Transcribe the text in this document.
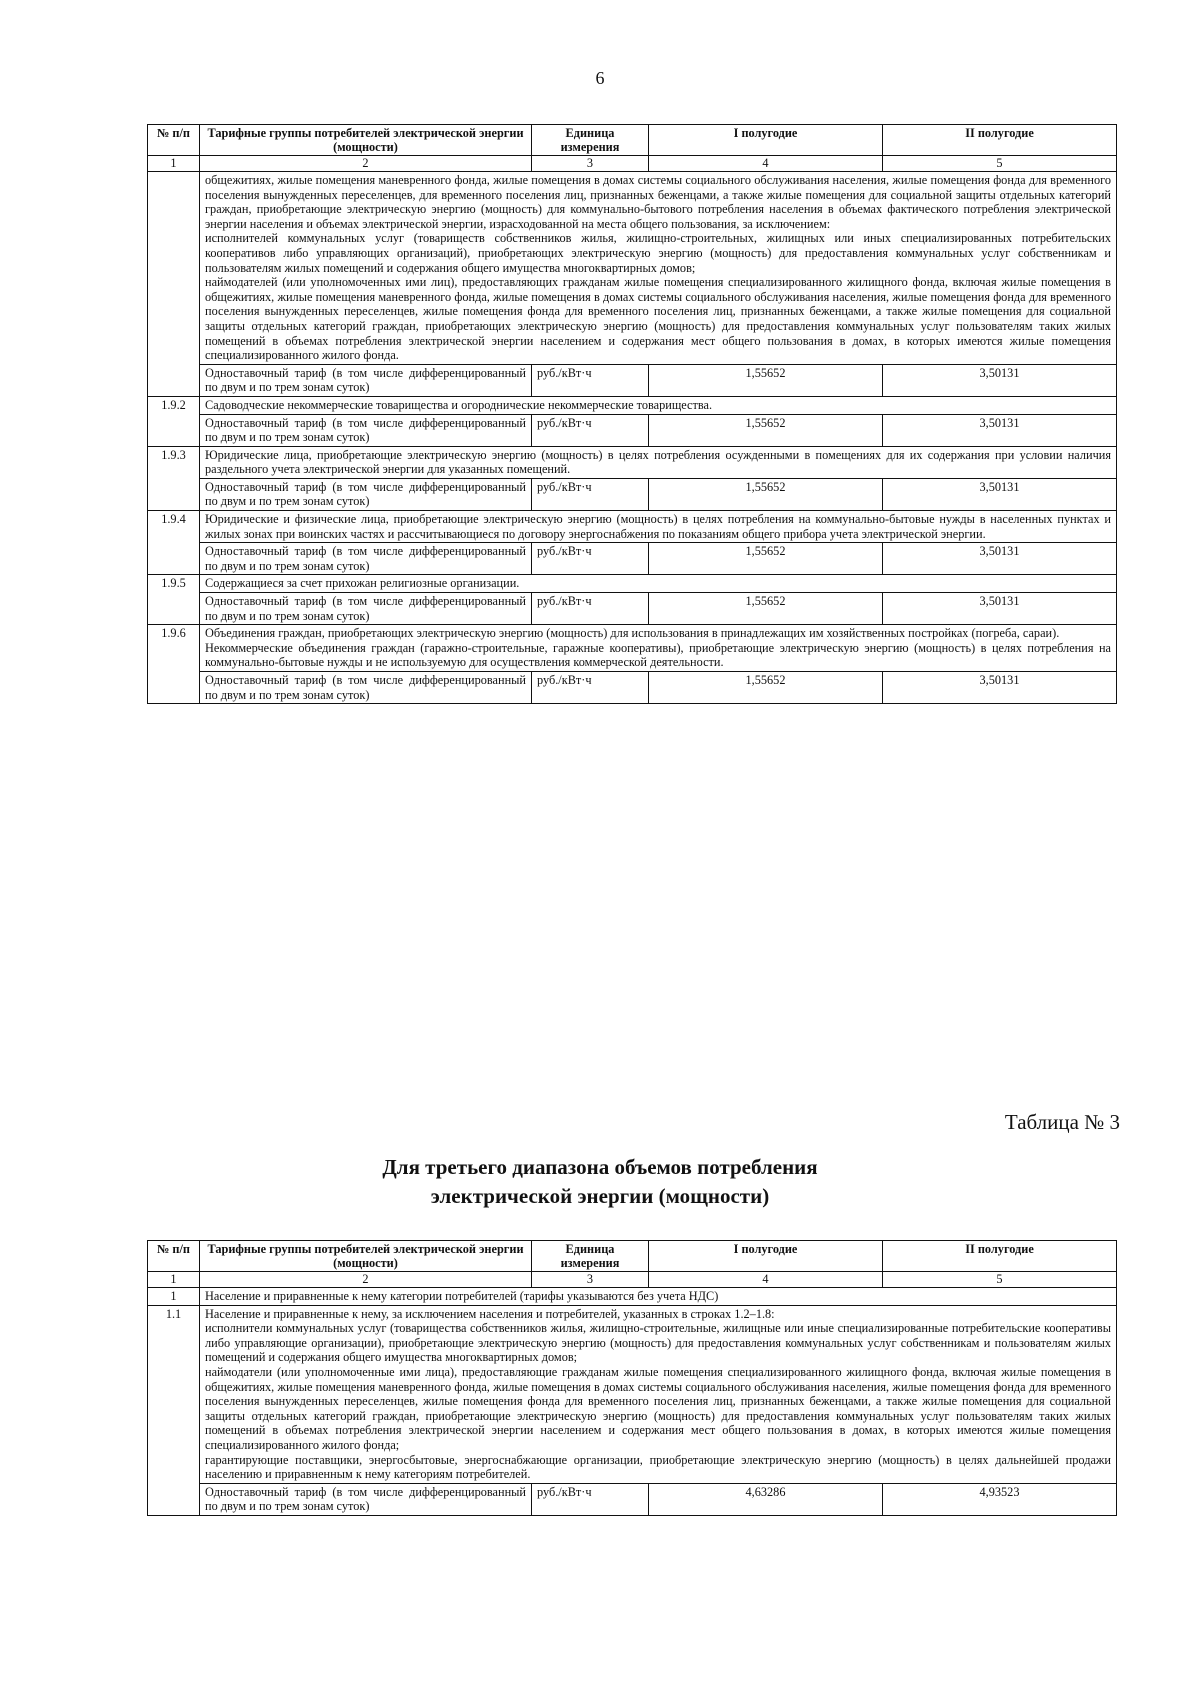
6
№ п/п	Тарифные группы потребителей электрической энергии (мощности)	Единица измерения	I полугодие	II полугодие
1	2	3	4	5

	общежитиях, жилые помещения маневренного фонда, жилые помещения в домах системы социального обслуживания населения, жилые помещения фонда для временного поселения вынужденных переселенцев, для временного поселения лиц, признанных беженцами, а также жилые помещения для социальной защиты отдельных категорий граждан, приобретающие электрическую энергию (мощность) для коммунально-бытового потребления населения в объемах фактического потребления электрической энергии населения и объемах электрической энергии, израсходованной на места общего пользования, за исключением:

исполнителей коммунальных услуг (товариществ собственников жилья, жилищно-строительных, жилищных или иных специализированных потребительских кооперативов либо управляющих организаций), приобретающих электрическую энергию (мощность) для предоставления коммунальных услуг собственникам и пользователям жилых помещений и содержания общего имущества многоквартирных домов;

наймодателей (или уполномоченных ими лиц), предоставляющих гражданам жилые помещения специализированного жилищного фонда, включая жилые помещения в общежитиях, жилые помещения маневренного фонда, жилые помещения в домах системы социального обслуживания населения, жилые помещения фонда для временного поселения вынужденных переселенцев, жилые помещения фонда для временного поселения лиц, признанных беженцами, а также жилые помещения для социальной защиты отдельных категорий граждан, приобретающих электрическую энергию (мощность) для предоставления коммунальных услуг пользователям таких жилых помещений в объемах потребления электрической энергии населением и содержания мест общего пользования в домах, в которых имеются жилые помещения специализированного жилого фонда.			

	Одноставочный тариф (в том числе дифференцированный по двум и по трем зонам суток)	руб./кВт·ч	1,55652	3,50131
1.9.2	Садоводческие некоммерческие товарищества и огороднические некоммерческие товарищества.			

	Одноставочный тариф (в том числе дифференцированный по двум и по трем зонам суток)	руб./кВт·ч	1,55652	3,50131
1.9.3	Юридические лица, приобретающие электрическую энергию (мощность) в целях потребления осужденными в помещениях для их содержания при условии наличия раздельного учета электрической энергии для указанных помещений.			

	Одноставочный тариф (в том числе дифференцированный по двум и по трем зонам суток)	руб./кВт·ч	1,55652	3,50131
1.9.4	Юридические и физические лица, приобретающие электрическую энергию (мощность) в целях потребления на коммунально-бытовые нужды в населенных пунктах и жилых зонах при воинских частях и рассчитывающиеся по договору энергоснабжения по показаниям общего прибора учета электрической энергии.			

	Одноставочный тариф (в том числе дифференцированный по двум и по трем зонам суток)	руб./кВт·ч	1,55652	3,50131
1.9.5	Содержащиеся за счет прихожан религиозные организации.			

	Одноставочный тариф (в том числе дифференцированный по двум и по трем зонам суток)	руб./кВт·ч	1,55652	3,50131
1.9.6	Объединения граждан, приобретающих электрическую энергию (мощность) для использования в принадлежащих им хозяйственных постройках (погреба, сараи).

Некоммерческие объединения граждан (гаражно-строительные, гаражные кооперативы), приобретающие электрическую энергию (мощность) в целях потребления на коммунально-бытовые нужды и не используемую для осуществления коммерческой деятельности.			

	Одноставочный тариф (в том числе дифференцированный по двум и по трем зонам суток)	руб./кВт·ч	1,55652	3,50131
Таблица № 3
Для третьего диапазона объемов потребления
электрической энергии (мощности)
№ п/п	Тарифные группы потребителей электрической энергии (мощности)	Единица измерения	I полугодие	II полугодие
1	2	3	4	5
1	Население и приравненные к нему категории потребителей (тарифы указываются без учета НДС)			
1.1	Население и приравненные к нему, за исключением населения и потребителей, указанных в строках 1.2–1.8:

исполнители коммунальных услуг (товарищества собственников жилья, жилищно-строительные, жилищные или иные специализированные потребительские кооперативы либо управляющие организации), приобретающие электрическую энергию (мощность) для предоставления коммунальных услуг собственникам и пользователям жилых помещений и содержания общего имущества многоквартирных домов;

наймодатели (или уполномоченные ими лица), предоставляющие гражданам жилые помещения специализированного жилищного фонда, включая жилые помещения в общежитиях, жилые помещения маневренного фонда, жилые помещения в домах системы социального обслуживания населения, жилые помещения фонда для временного поселения вынужденных переселенцев, жилые помещения фонда для временного поселения лиц, признанных беженцами, а также жилые помещения для социальной защиты отдельных категорий граждан, приобретающие электрическую энергию (мощность) для предоставления коммунальных услуг пользователям таких жилых помещений в объемах потребления электрической энергии населением и содержания мест общего пользования в домах, в которых имеются жилые помещения специализированного жилого фонда;

гарантирующие поставщики, энергосбытовые, энергоснабжающие организации, приобретающие электрическую энергию (мощность) в целях дальнейшей продажи населению и приравненным к нему категориям потребителей.			

	Одноставочный тариф (в том числе дифференцированный по двум и по трем зонам суток)	руб./кВт·ч	4,63286	4,93523
